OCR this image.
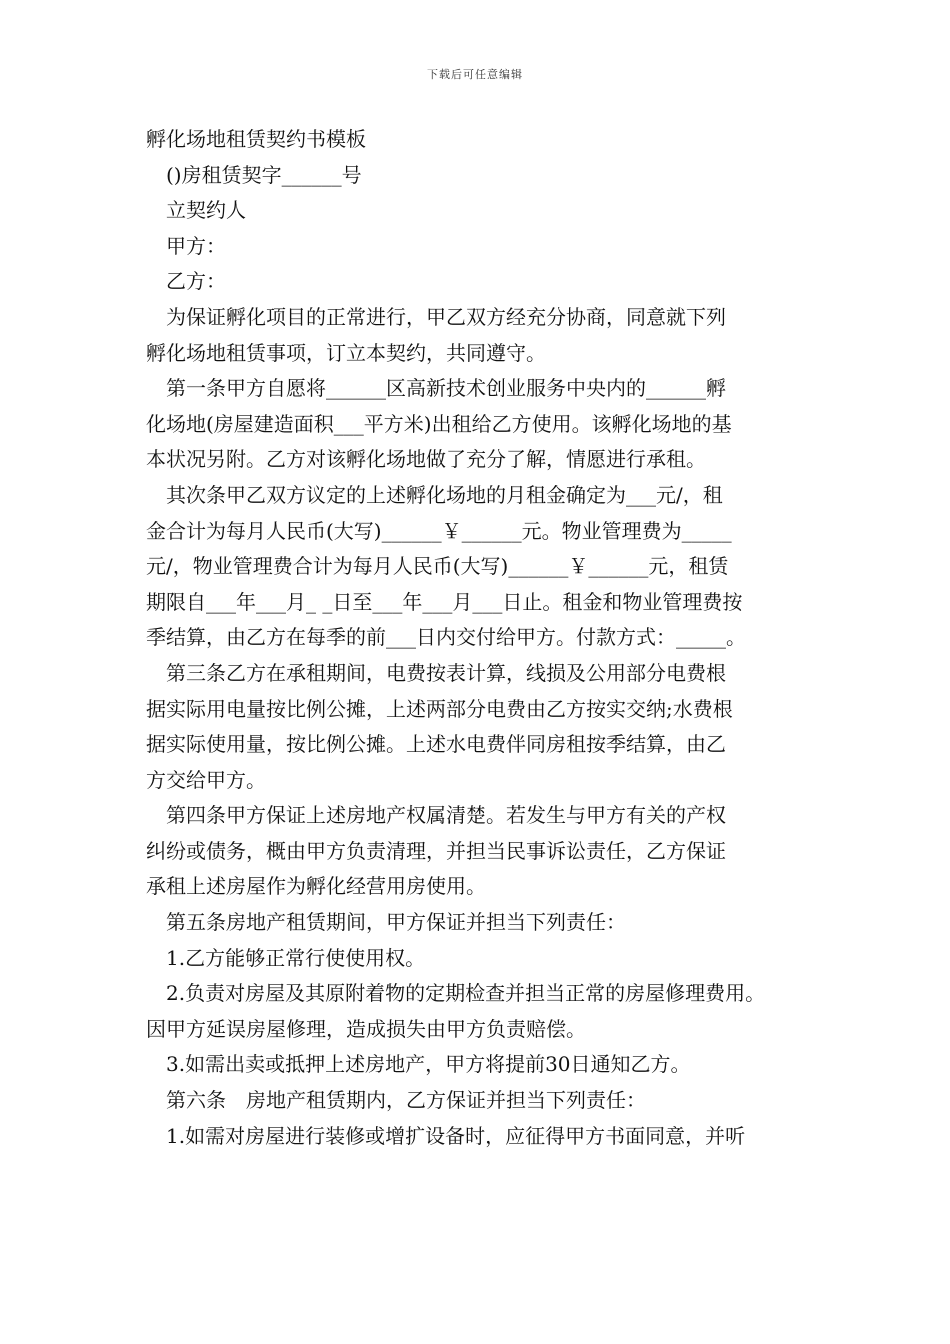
下载后可任意编辑
孵化场地租赁契约书模板
()房租赁契字______号
立契约人
甲方：
乙方：
为保证孵化项目的正常进行，甲乙双方经充分协商，同意就下列
孵化场地租赁事项，订立本契约，共同遵守。
第一条甲方自愿将______区高新技术创业服务中央内的______孵
化场地(房屋建造面积___平方米)出租给乙方使用。该孵化场地的基
本状况另附。乙方对该孵化场地做了充分了解，情愿进行承租。
其次条甲乙双方议定的上述孵化场地的月租金确定为___元/，租
金合计为每月人民币(大写)______￥______元。物业管理费为_____
元/，物业管理费合计为每月人民币(大写)______￥______元，租赁
期限自___年___月_ _日至___年___月___日止。租金和物业管理费按
季结算，由乙方在每季的前___日内交付给甲方。付款方式：_____。
第三条乙方在承租期间，电费按表计算，线损及公用部分电费根
据实际用电量按比例公摊，上述两部分电费由乙方按实交纳;水费根
据实际使用量，按比例公摊。上述水电费伴同房租按季结算，由乙
方交给甲方。
第四条甲方保证上述房地产权属清楚。若发生与甲方有关的产权
纠纷或债务，概由甲方负责清理，并担当民事诉讼责任，乙方保证
承租上述房屋作为孵化经营用房使用。
第五条房地产租赁期间，甲方保证并担当下列责任：
1.乙方能够正常行使使用权。
2.负责对房屋及其原附着物的定期检查并担当正常的房屋修理费用。
因甲方延误房屋修理，造成损失由甲方负责赔偿。
3.如需出卖或抵押上述房地产，甲方将提前30日通知乙方。
第六条　房地产租赁期内，乙方保证并担当下列责任：
1.如需对房屋进行装修或增扩设备时，应征得甲方书面同意，并听
